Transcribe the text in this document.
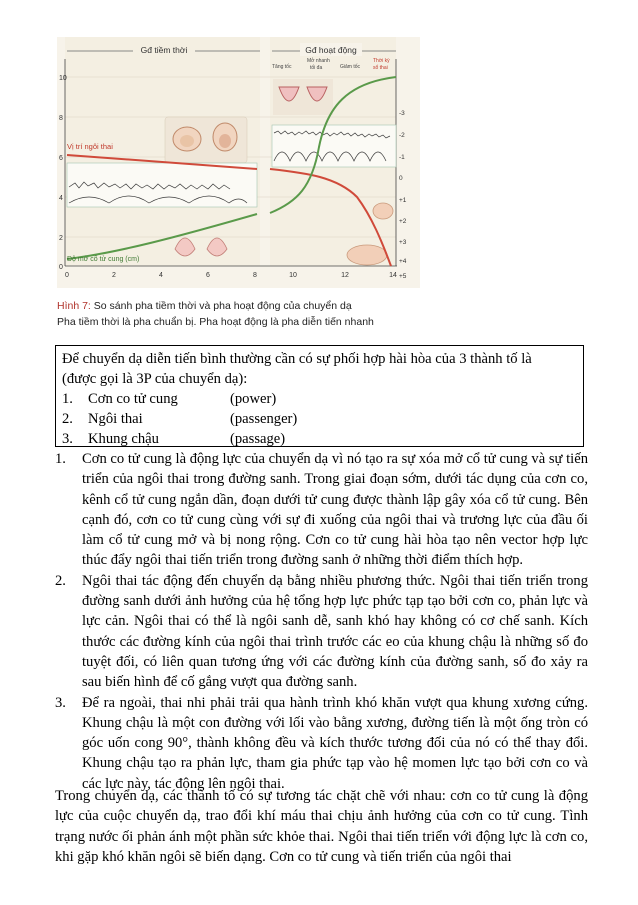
Gđ tiềm thời	Gđ hoạt động
Tăng tốc
Mở nhanh
tối đa	Giảm tốc
Thời kỳ
sổ thai
10
8
6
4
2
0
0	2	4	6	8	10	12	14
-3
-2
-1
0
+1
+2
+3
+4
+5
Vị trí ngôi thai
Độ mở cổ tử cung (cm)
Hình 7: So sánh pha tiềm thời và pha hoạt động của chuyển dạ
Pha tiềm thời là pha chuẩn bị. Pha hoạt động là pha diễn tiến nhanh
Để chuyển dạ diễn tiến bình thường cần có sự phối hợp hài hòa của 3 thành tố là
(được gọi là 3P của chuyển dạ):
1. Cơn co tử cung	(power)
2. Ngôi thai	(passenger)
3. Khung chậu	(passage)
1. Cơn co tử cung là động lực của chuyển dạ vì nó tạo ra sự xóa mở cổ tử cung và sự tiến triển của ngôi thai trong đường sanh. Trong giai đoạn sớm, dưới tác dụng của cơn co, kênh cổ tử cung ngắn dần, đoạn dưới tử cung được thành lập gây xóa cổ tử cung. Bên cạnh đó, cơn co tử cung cùng với sự đi xuống của ngôi thai và trương lực của đầu ối làm cổ tử cung mở và bị nong rộng. Cơn co tử cung hài hòa tạo nên vector hợp lực thúc đẩy ngôi thai tiến triển trong đường sanh ở những thời điểm thích hợp.
2. Ngôi thai tác động đến chuyển dạ bằng nhiều phương thức. Ngôi thai tiến triển trong đường sanh dưới ảnh hưởng của hệ tổng hợp lực phức tạp tạo bởi cơn co, phản lực và lực cản. Ngôi thai có thể là ngôi sanh dễ, sanh khó hay không có cơ chế sanh. Kích thước các đường kính của ngôi thai trình trước các eo của khung chậu là những số đo tuyệt đối, có liên quan tương ứng với các đường kính của đường sanh, số đo xảy ra sau biến hình để cố gắng vượt qua đường sanh.
3. Để ra ngoài, thai nhi phải trải qua hành trình khó khăn vượt qua khung xương cứng. Khung chậu là một con đường với lối vào bằng xương, đường tiến là một ống tròn có góc uốn cong 90°, thành không đều và kích thước tương đối của nó có thể thay đổi. Khung chậu tạo ra phản lực, tham gia phức tạp vào hệ momen lực tạo bởi cơn co và các lực này, tác động lên ngôi thai.
Trong chuyển dạ, các thành tố có sự tương tác chặt chẽ với nhau: cơn co tử cung là động lực của cuộc chuyển dạ, trao đổi khí máu thai chịu ảnh hưởng của cơn co tử cung. Tình trạng nước ối phản ánh một phần sức khỏe thai. Ngôi thai tiến triển với động lực là cơn co, khi gặp khó khăn ngôi sẽ biến dạng. Cơn co tử cung và tiến triển của ngôi thai
